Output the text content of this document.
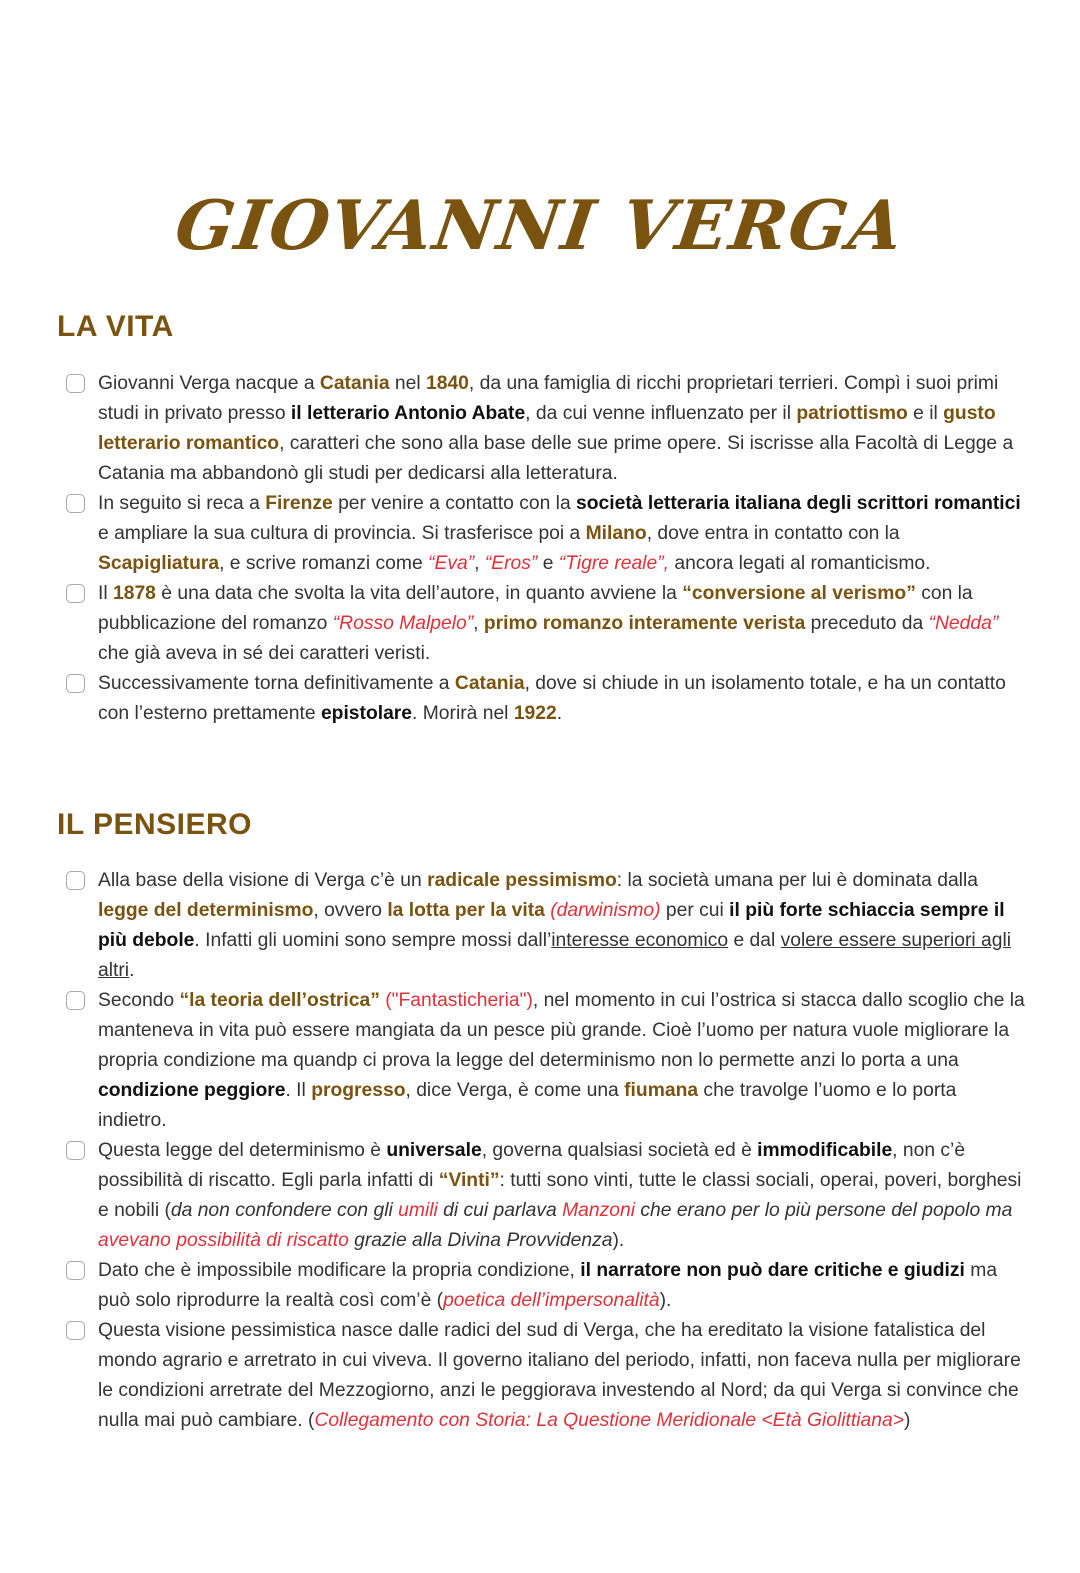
GIOVANNI VERGA
LA VITA
Giovanni Verga nacque a Catania nel 1840, da una famiglia di ricchi proprietari terrieri. Compì i suoi primi studi in privato presso il letterario Antonio Abate, da cui venne influenzato per il patriottismo e il gusto letterario romantico, caratteri che sono alla base delle sue prime opere. Si iscrisse alla Facoltà di Legge a Catania ma abbandonò gli studi per dedicarsi alla letteratura.
In seguito si reca a Firenze per venire a contatto con la società letteraria italiana degli scrittori romantici e ampliare la sua cultura di provincia. Si trasferisce poi a Milano, dove entra in contatto con la Scapigliatura, e scrive romanzi come “Eva”, “Eros” e “Tigre reale”, ancora legati al romanticismo.
Il 1878 è una data che svolta la vita dell’autore, in quanto avviene la “conversione al verismo” con la pubblicazione del romanzo “Rosso Malpelo”, primo romanzo interamente verista preceduto da “Nedda” che già aveva in sé dei caratteri veristi.
Successivamente torna definitivamente a Catania, dove si chiude in un isolamento totale, e ha un contatto con l’esterno prettamente epistolare. Morirà nel 1922.
IL PENSIERO
Alla base della visione di Verga c’è un radicale pessimismo: la società umana per lui è dominata dalla legge del determinismo, ovvero la lotta per la vita (darwinismo) per cui il più forte schiaccia sempre il più debole. Infatti gli uomini sono sempre mossi dall’interesse economico e dal volere essere superiori agli altri.
Secondo “la teoria dell’ostrica” ("Fantasticheria"), nel momento in cui l’ostrica si stacca dallo scoglio che la manteneva in vita può essere mangiata da un pesce più grande. Cioè l’uomo per natura vuole migliorare la propria condizione ma quandp ci prova la legge del determinismo non lo permette anzi lo porta a una condizione peggiore. Il progresso, dice Verga, è come una fiumana che travolge l’uomo e lo porta indietro.
Questa legge del determinismo è universale, governa qualsiasi società ed è immodificabile, non c’è possibilità di riscatto. Egli parla infatti di “Vinti”: tutti sono vinti, tutte le classi sociali, operai, poveri, borghesi e nobili (da non confondere con gli umili di cui parlava Manzoni che erano per lo più persone del popolo ma avevano possibilità di riscatto grazie alla Divina Provvidenza).
Dato che è impossibile modificare la propria condizione, il narratore non può dare critiche e giudizi ma può solo riprodurre la realtà così com’è (poetica dell’impersonalità).
Questa visione pessimistica nasce dalle radici del sud di Verga, che ha ereditato la visione fatalistica del mondo agrario e arretrato in cui viveva. Il governo italiano del periodo, infatti, non faceva nulla per migliorare le condizioni arretrate del Mezzogiorno, anzi le peggiorava investendo al Nord; da qui Verga si convince che nulla mai può cambiare. (Collegamento con Storia: La Questione Meridionale <Età Giolittiana>)
